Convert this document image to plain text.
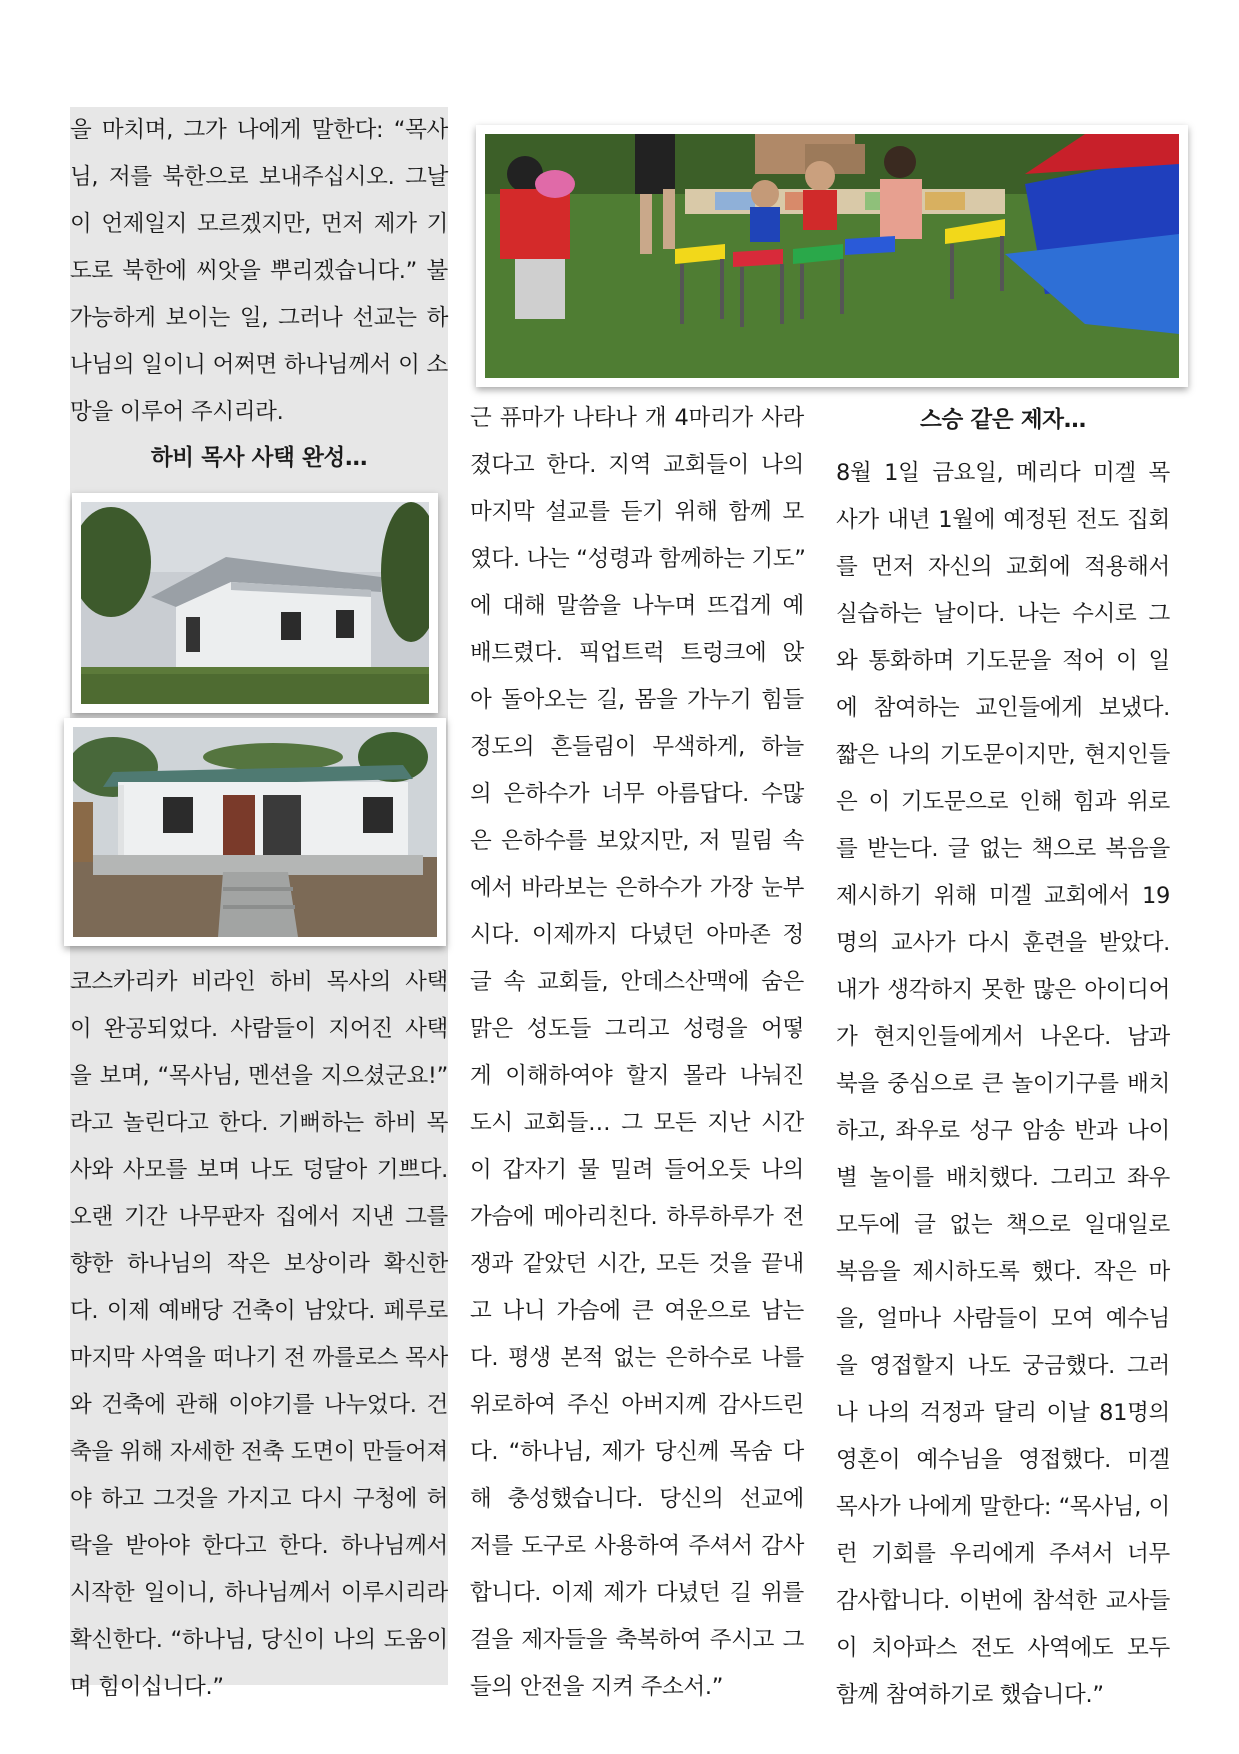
을 마치며, 그가 나에게 말한다: “목사
님, 저를 북한으로 보내주십시오. 그날
이 언제일지 모르겠지만, 먼저 제가 기
도로 북한에 씨앗을 뿌리겠습니다.” 불
가능하게 보이는 일, 그러나 선교는 하
나님의 일이니 어쩌면 하나님께서 이 소
망을 이루어 주시리라.
하비 목사 사택 완성…
코스카리카 비라인 하비 목사의 사택
이 완공되었다. 사람들이 지어진 사택
을 보며, “목사님, 멘션을 지으셨군요!”
라고 놀린다고 한다. 기뻐하는 하비 목
사와 사모를 보며 나도 덩달아 기쁘다.
오랜 기간 나무판자 집에서 지낸 그를
향한 하나님의 작은 보상이라 확신한
다. 이제 예배당 건축이 남았다. 페루로
마지막 사역을 떠나기 전 까를로스 목사
와 건축에 관해 이야기를 나누었다. 건
축을 위해 자세한 전축 도면이 만들어져
야 하고 그것을 가지고 다시 구청에 허
락을 받아야 한다고 한다. 하나님께서
시작한 일이니, 하나님께서 이루시리라
확신한다. “하나님, 당신이 나의 도움이
며 힘이십니다.”
근 퓨마가 나타나 개 4마리가 사라
졌다고 한다. 지역 교회들이 나의
마지막 설교를 듣기 위해 함께 모
였다. 나는 “성령과 함께하는 기도”
에 대해 말씀을 나누며 뜨겁게 예
배드렸다. 픽업트럭 트렁크에 앉
아 돌아오는 길, 몸을 가누기 힘들
정도의 흔들림이 무색하게, 하늘
의 은하수가 너무 아름답다. 수많
은 은하수를 보았지만, 저 밀림 속
에서 바라보는 은하수가 가장 눈부
시다. 이제까지 다녔던 아마존 정
글 속 교회들, 안데스산맥에 숨은
맑은 성도들 그리고 성령을 어떻
게 이해하여야 할지 몰라 나눠진
도시 교회들… 그 모든 지난 시간
이 갑자기 물 밀려 들어오듯 나의
가슴에 메아리친다. 하루하루가 전
쟁과 같았던 시간, 모든 것을 끝내
고 나니 가슴에 큰 여운으로 남는
다. 평생 본적 없는 은하수로 나를
위로하여 주신 아버지께 감사드린
다. “하나님, 제가 당신께 목숨 다
해 충성했습니다. 당신의 선교에
저를 도구로 사용하여 주셔서 감사
합니다. 이제 제가 다녔던 길 위를
걸을 제자들을 축복하여 주시고 그
들의 안전을 지켜 주소서.”
스승 같은 제자…
8월 1일 금요일, 메리다 미겔 목
사가 내년 1월에 예정된 전도 집회
를 먼저 자신의 교회에 적용해서
실습하는 날이다. 나는 수시로 그
와 통화하며 기도문을 적어 이 일
에 참여하는 교인들에게 보냈다.
짧은 나의 기도문이지만, 현지인들
은 이 기도문으로 인해 힘과 위로
를 받는다. 글 없는 책으로 복음을
제시하기 위해 미겔 교회에서 19
명의 교사가 다시 훈련을 받았다.
내가 생각하지 못한 많은 아이디어
가 현지인들에게서 나온다. 남과
북을 중심으로 큰 놀이기구를 배치
하고, 좌우로 성구 암송 반과 나이
별 놀이를 배치했다. 그리고 좌우
모두에 글 없는 책으로 일대일로
복음을 제시하도록 했다. 작은 마
을, 얼마나 사람들이 모여 예수님
을 영접할지 나도 궁금했다. 그러
나 나의 걱정과 달리 이날 81명의
영혼이 예수님을 영접했다. 미겔
목사가 나에게 말한다: “목사님, 이
런 기회를 우리에게 주셔서 너무
감사합니다. 이번에 참석한 교사들
이 치아파스 전도 사역에도 모두
함께 참여하기로 했습니다.”
